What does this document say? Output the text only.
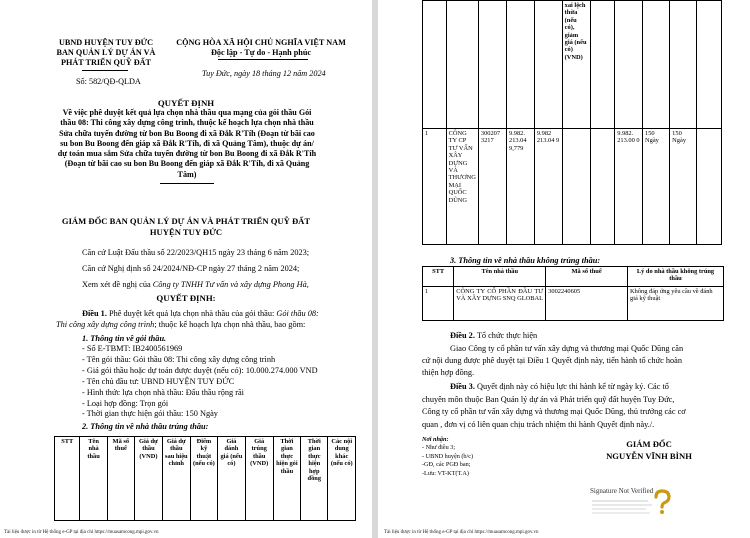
UBND HUYỆN TUY ĐỨC
BAN QUẢN LÝ DỰ ÁN VÀ
PHÁT TRIỂN QUỸ ĐẤT
Số: 582/QĐ-QLDA
CỘNG HÒA XÃ HỘI CHỦ NGHĨA VIỆT NAM
Độc lập - Tự do - Hạnh phúc
Tuy Đức, ngày 18 tháng 12 năm 2024
QUYẾT ĐỊNH
Về việc phê duyệt kết quả lựa chọn nhà thầu qua mạng của gói thầu Gói
thầu 08: Thi công xây dựng công trình, thuộc kế hoạch lựa chọn nhà thầu
Sửa chữa tuyến đường từ bon Bu Boong đi xã Đắk R'Tíh (Đoạn từ bãi cao
su bon Bu Boong đến giáp xã Đắk R'Tíh, đi xã Quảng Tâm), thuộc dự án/
dự toán mua sắm Sửa chữa tuyến đường từ bon Bu Boong đi xã Đắk R'Tíh
(Đoạn từ bãi cao su bon Bu Boong đến giáp xã Đắk R'Tíh, đi xã Quảng
Tâm)
GIÁM ĐỐC BAN QUẢN LÝ DỰ ÁN VÀ PHÁT TRIỂN QUỸ ĐẤT
HUYỆN TUY ĐỨC
Căn cứ Luật Đấu thầu số 22/2023/QH15 ngày 23 tháng 6 năm 2023;
Căn cứ Nghị định số 24/2024/NĐ-CP ngày 27 tháng 2 năm 2024;
Xem xét đề nghị của Công ty TNHH Tư vấn và xây dựng Phong Hà,
QUYẾT ĐỊNH:
Điều 1. Phê duyệt kết quả lựa chọn nhà thầu của gói thầu: Gói thầu 08:
Thi công xây dựng công trình; thuộc kế hoạch lựa chọn nhà thầu, bao gồm:
1. Thông tin về gói thầu.
- Số E-TBMT: IB2400561969
- Tên gói thầu: Gói thầu 08: Thi công xây dựng công trình
- Giá gói thầu hoặc dự toán được duyệt (nếu có): 10.000.274.000 VND
- Tên chủ đầu tư: UBND HUYỆN TUY ĐỨC
- Hình thức lựa chọn nhà thầu: Đấu thầu rộng rãi
- Loại hợp đồng: Trọn gói
- Thời gian thực hiện gói thầu: 150 Ngày
2. Thông tin về nhà thầu trúng thầu:
STT	Tên nhà thầu	Mã số thuế	Giá dự thầu (VND)	Giá dự thầu sau hiệu chỉnh	Điểm kỹ thuật (nếu có)	Giá đánh giá (nếu có)	Giá trúng thầu (VND)	Thời gian thực hiện gói thầu	Thời gian thực hiện hợp đồng	Các nội dung khác (nếu có)
Tài liệu được in từ Hệ thống e-GP tại địa chỉ https://muasamcong.mpi.gov.vn
					xai lệch thừa (nếu có), giảm giá (nếu có) (VND)					
1	CÔNG TY CP TƯ VẤN XÂY DỰNG VÀ THƯƠNG MẠI QUỐC DŨNG	300207 3217	9.982. 213.04 9,779	9.982 213.04 9			9.982. 213.00 0	150 Ngày	150 Ngày	
3. Thông tin về nhà thầu không trúng thầu:
STT	Tên nhà thầu	Mã số thuế	Lý do nhà thầu không trúng thầu
1	CÔNG TY CỔ PHẦN ĐẦU TƯ VÀ XÂY DỰNG SNQ GLOBAL	3002240605	Không đáp ứng yêu cầu về đánh giá kỹ thuật
Điều 2. Tổ chức thực hiện
Giao Công ty cổ phần tư vấn xây dựng và thương mại Quốc Dũng căn
cứ nội dung được phê duyệt tại Điều 1 Quyết định này, tiến hành tổ chức hoàn
thiện hợp đồng.
Điều 3. Quyết định này có hiệu lực thi hành kể từ ngày ký. Các tổ
chuyên môn thuộc Ban Quản lý dự án và Phát triển quỹ đất huyện Tuy Đức,
Công ty cổ phần tư vấn xây dựng và thương mại Quốc Dũng, thủ trưởng các cơ
quan , đơn vị có liên quan chịu trách nhiệm thi hành Quyết định này./.
Nơi nhận:
- Như điều 3;
- UBND huyện (b/c)
-GĐ, các PGĐ ban;
-Lưu: VT-KT(T.A)
GIÁM ĐỐC
NGUYỄN VĨNH BÌNH
Signature Not Verified
Tài liệu được in từ Hệ thống e-GP tại địa chỉ https://muasamcong.mpi.gov.vn
